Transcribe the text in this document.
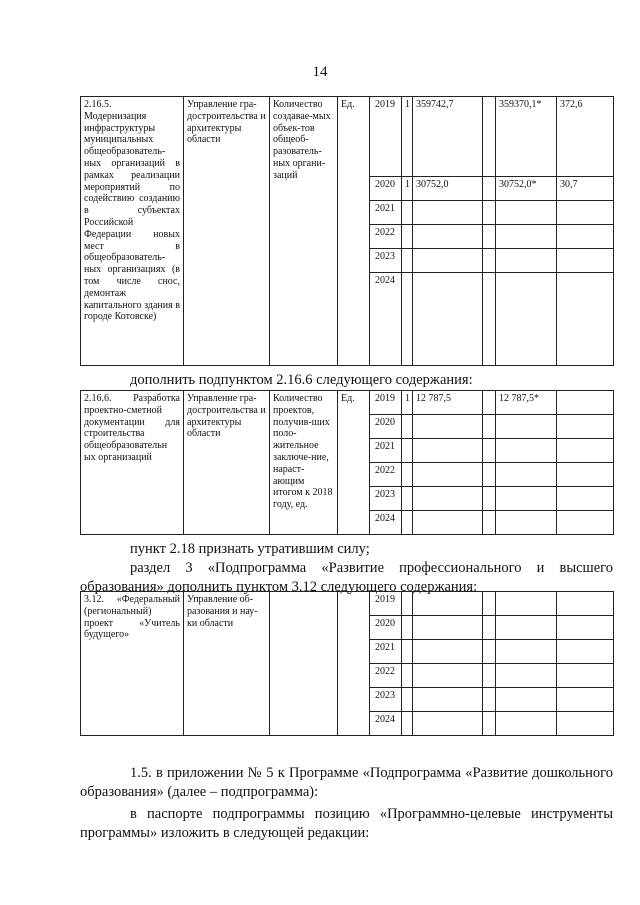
14
2.16.5.
Модернизация инфраструктуры муниципальных общеобразователь-ных организаций в рамках реализации мероприятий по содействию созданию в субъектах Российской Федерации новых мест в общеобразователь-ных организациях (в том числе снос, демонтаж капитального здания в городе Котовске)	Управление гра-достроительства и архитектуры области	Количество создавае-мых объек-тов общеоб-разователь-ных органи-заций	Ед.	2019	1	359742,7		359370,1*	372,6
				2020	1	30752,0		30752,0*	30,7
				2021					
				2022					
				2023					
				2024					
дополнить подпунктом 2.16.6 следующего содержания:
2.16.6. Разработка проектно-сметной документации для строительства общеобразовательн ых организаций	Управление гра-достроительства и архитектуры области	Количество проектов, получив-ших поло-жительное заключе-ние, нараст-ающим итогом к 2018 году, ед.	Ед.	2019	1	12 787,5		12 787,5*	
				2020					
				2021					
				2022					
				2023					
				2024					
пункт 2.18 признать утратившим силу;
раздел 3 «Подпрограмма «Развитие профессионального и высшего образования» дополнить пунктом 3.12 следующего содержания:
3.12. «Федеральный (региональный) проект «Учитель будущего»	Управление об-разования и нау-ки области			2019					
				2020					
				2021					
				2022					
				2023					
				2024					
1.5. в приложении № 5 к Программе «Подпрограмма «Развитие дошкольного образования» (далее – подпрограмма):
в паспорте подпрограммы позицию «Программно-целевые инструменты программы» изложить в следующей редакции:
